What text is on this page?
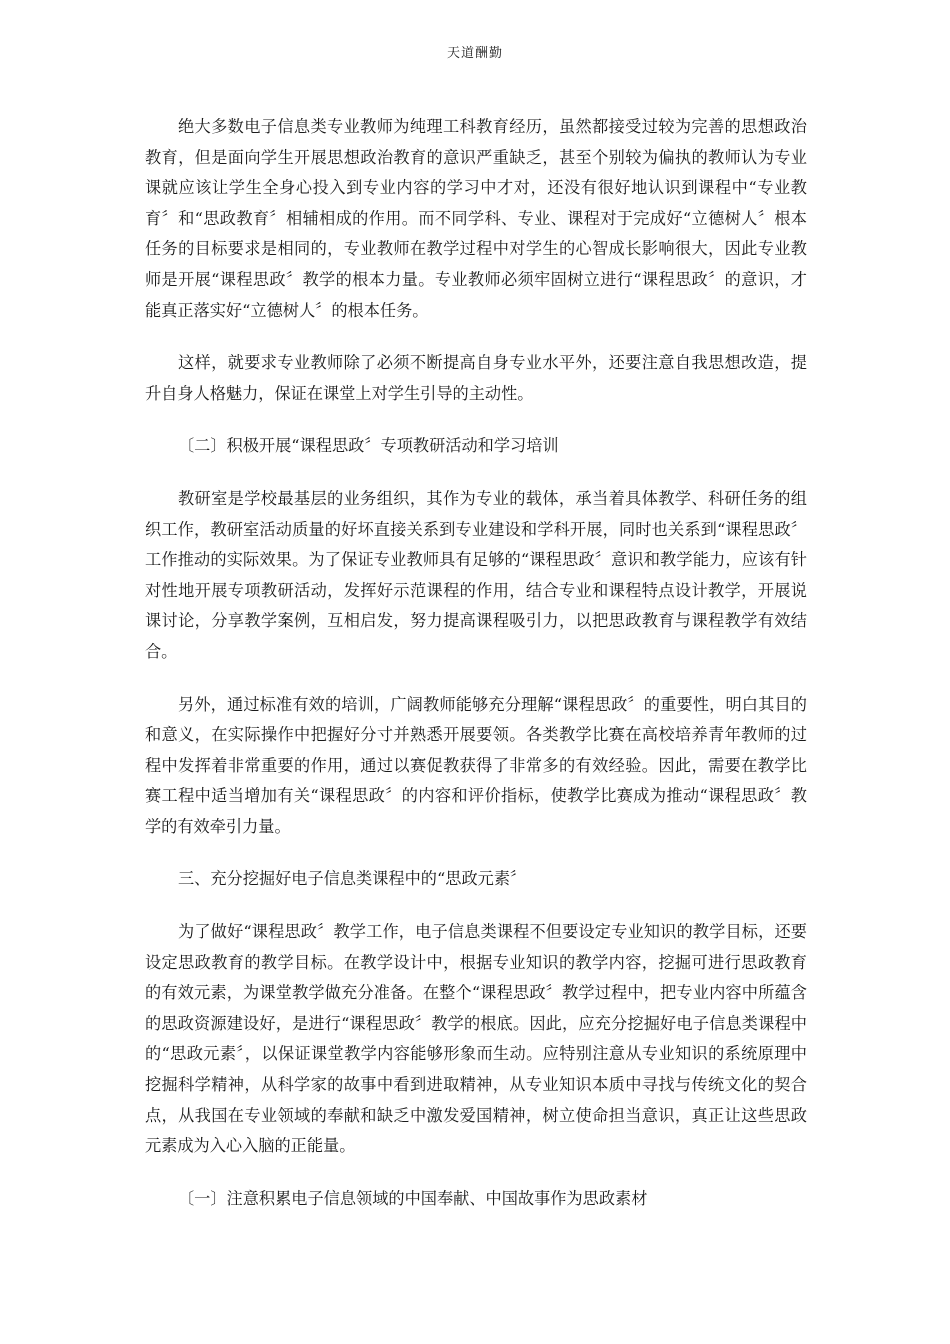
天道酬勤

绝大多数电子信息类专业教师为纯理工科教育经历，虽然都接受过较为完善的思想政治教育，但是面向学生开展思想政治教育的意识严重缺乏，甚至个别较为偏执的教师认为专业课就应该让学生全身心投入到专业内容的学习中才对，还没有很好地认识到课程中“专业教育〞和“思政教育〞相辅相成的作用。而不同学科、专业、课程对于完成好“立德树人〞根本任务的目标要求是相同的，专业教师在教学过程中对学生的心智成长影响很大，因此专业教师是开展“课程思政〞教学的根本力量。专业教师必须牢固树立进行“课程思政〞的意识，才能真正落实好“立德树人〞的根本任务。

这样，就要求专业教师除了必须不断提高自身专业水平外，还要注意自我思想改造，提升自身人格魅力，保证在课堂上对学生引导的主动性。

〔二〕积极开展“课程思政〞专项教研活动和学习培训

教研室是学校最基层的业务组织，其作为专业的载体，承当着具体教学、科研任务的组织工作，教研室活动质量的好坏直接关系到专业建设和学科开展，同时也关系到“课程思政〞工作推动的实际效果。为了保证专业教师具有足够的“课程思政〞意识和教学能力，应该有针对性地开展专项教研活动，发挥好示范课程的作用，结合专业和课程特点设计教学，开展说课讨论，分享教学案例，互相启发，努力提高课程吸引力，以把思政教育与课程教学有效结合。

另外，通过标准有效的培训，广阔教师能够充分理解“课程思政〞的重要性，明白其目的和意义，在实际操作中把握好分寸并熟悉开展要领。各类教学比赛在高校培养青年教师的过程中发挥着非常重要的作用，通过以赛促教获得了非常多的有效经验。因此，需要在教学比赛工程中适当增加有关“课程思政〞的内容和评价指标，使教学比赛成为推动“课程思政〞教学的有效牵引力量。

三、充分挖掘好电子信息类课程中的“思政元素〞

为了做好“课程思政〞教学工作，电子信息类课程不但要设定专业知识的教学目标，还要设定思政教育的教学目标。在教学设计中，根据专业知识的教学内容，挖掘可进行思政教育的有效元素，为课堂教学做充分准备。在整个“课程思政〞教学过程中，把专业内容中所蕴含的思政资源建设好，是进行“课程思政〞教学的根底。因此，应充分挖掘好电子信息类课程中的“思政元素〞，以保证课堂教学内容能够形象而生动。应特别注意从专业知识的系统原理中挖掘科学精神，从科学家的故事中看到进取精神，从专业知识本质中寻找与传统文化的契合点，从我国在专业领域的奉献和缺乏中激发爱国精神，树立使命担当意识，真正让这些思政元素成为入心入脑的正能量。

〔一〕注意积累电子信息领域的中国奉献、中国故事作为思政素材
